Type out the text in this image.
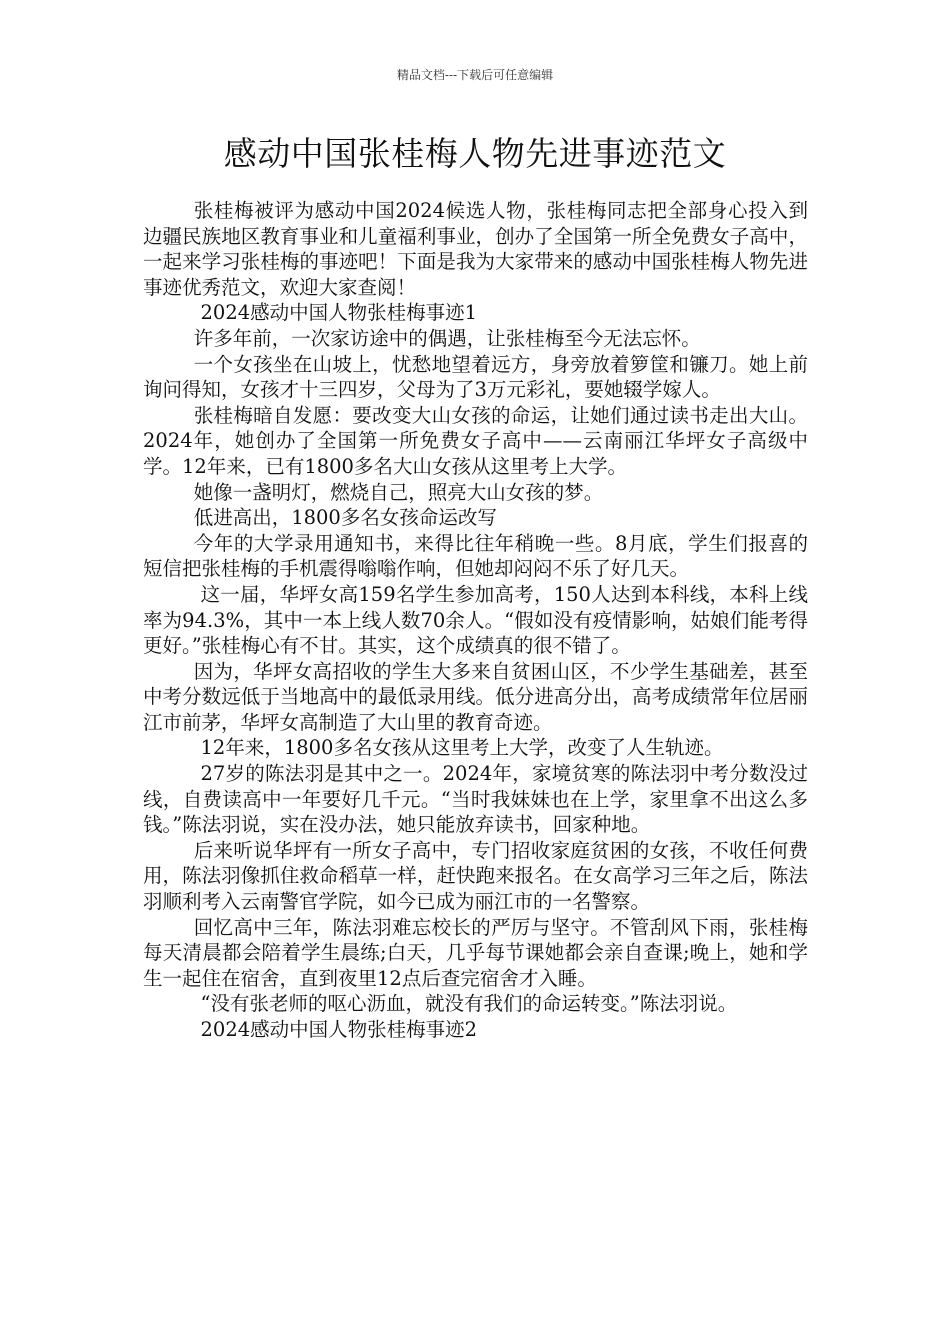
精品文档---下载后可任意编辑
感动中国张桂梅人物先进事迹范文

张桂梅被评为感动中国2024候选人物，张桂梅同志把全部身心投入到边疆民族地区教育事业和儿童福利事业，创办了全国第一所全免费女子高中，一起来学习张桂梅的事迹吧！下面是我为大家带来的感动中国张桂梅人物先进事迹优秀范文，欢迎大家查阅！

2024感动中国人物张桂梅事迹1

许多年前，一次家访途中的偶遇，让张桂梅至今无法忘怀。

一个女孩坐在山坡上，忧愁地望着远方，身旁放着箩筐和镰刀。她上前询问得知，女孩才十三四岁，父母为了3万元彩礼，要她辍学嫁人。

张桂梅暗自发愿：要改变大山女孩的命运，让她们通过读书走出大山。2024年，她创办了全国第一所免费女子高中——云南丽江华坪女子高级中学。12年来，已有1800多名大山女孩从这里考上大学。

她像一盏明灯，燃烧自己，照亮大山女孩的梦。

低进高出，1800多名女孩命运改写

今年的大学录用通知书，来得比往年稍晚一些。8月底，学生们报喜的短信把张桂梅的手机震得嗡嗡作响，但她却闷闷不乐了好几天。

这一届，华坪女高159名学生参加高考，150人达到本科线，本科上线率为94.3%，其中一本上线人数70余人。“假如没有疫情影响，姑娘们能考得更好。”张桂梅心有不甘。其实，这个成绩真的很不错了。

因为，华坪女高招收的学生大多来自贫困山区，不少学生基础差，甚至中考分数远低于当地高中的最低录用线。低分进高分出，高考成绩常年位居丽江市前茅，华坪女高制造了大山里的教育奇迹。

12年来，1800多名女孩从这里考上大学，改变了人生轨迹。

27岁的陈法羽是其中之一。2024年，家境贫寒的陈法羽中考分数没过线，自费读高中一年要好几千元。“当时我妹妹也在上学，家里拿不出这么多钱。”陈法羽说，实在没办法，她只能放弃读书，回家种地。

后来听说华坪有一所女子高中，专门招收家庭贫困的女孩，不收任何费用，陈法羽像抓住救命稻草一样，赶快跑来报名。在女高学习三年之后，陈法羽顺利考入云南警官学院，如今已成为丽江市的一名警察。

回忆高中三年，陈法羽难忘校长的严厉与坚守。不管刮风下雨，张桂梅每天清晨都会陪着学生晨练;白天，几乎每节课她都会亲自查课;晚上，她和学生一起住在宿舍，直到夜里12点后查完宿舍才入睡。

“没有张老师的呕心沥血，就没有我们的命运转变。”陈法羽说。

2024感动中国人物张桂梅事迹2
